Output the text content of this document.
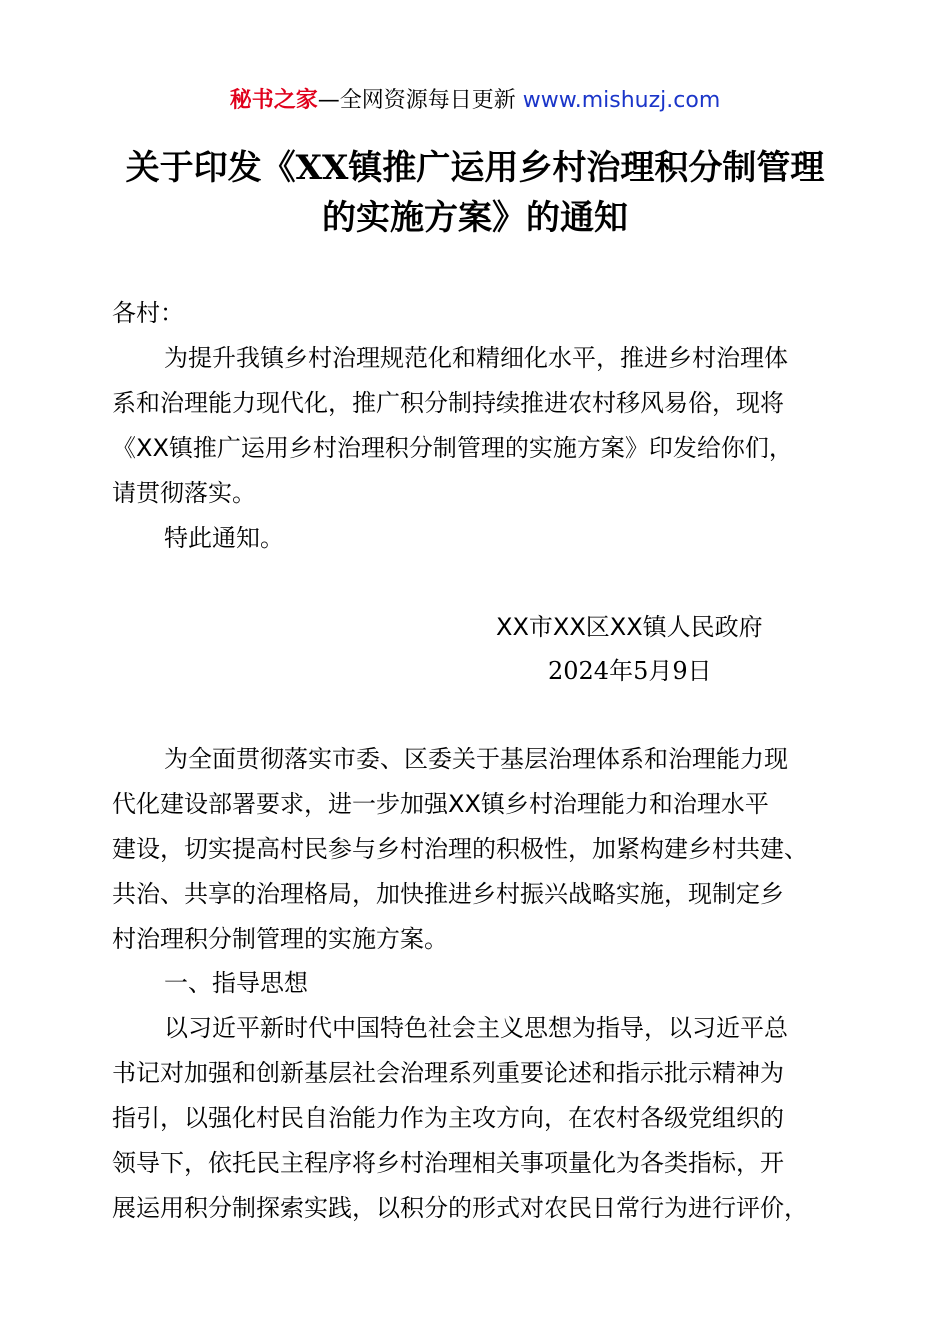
秘书之家—全网资源每日更新 www.mishuzj.com
关于印发《XX镇推广运用乡村治理积分制管理
的实施方案》的通知
各村：
为提升我镇乡村治理规范化和精细化水平，推进乡村治理体
系和治理能力现代化，推广积分制持续推进农村移风易俗，现将
《XX镇推广运用乡村治理积分制管理的实施方案》印发给你们，
请贯彻落实。
特此通知。
XX市XX区XX镇人民政府
2024年5月9日
为全面贯彻落实市委、区委关于基层治理体系和治理能力现
代化建设部署要求，进一步加强XX镇乡村治理能力和治理水平
建设，切实提高村民参与乡村治理的积极性，加紧构建乡村共建、
共治、共享的治理格局，加快推进乡村振兴战略实施，现制定乡
村治理积分制管理的实施方案。
一、指导思想
以习近平新时代中国特色社会主义思想为指导，以习近平总
书记对加强和创新基层社会治理系列重要论述和指示批示精神为
指引，以强化村民自治能力作为主攻方向，在农村各级党组织的
领导下，依托民主程序将乡村治理相关事项量化为各类指标，开
展运用积分制探索实践，以积分的形式对农民日常行为进行评价，
